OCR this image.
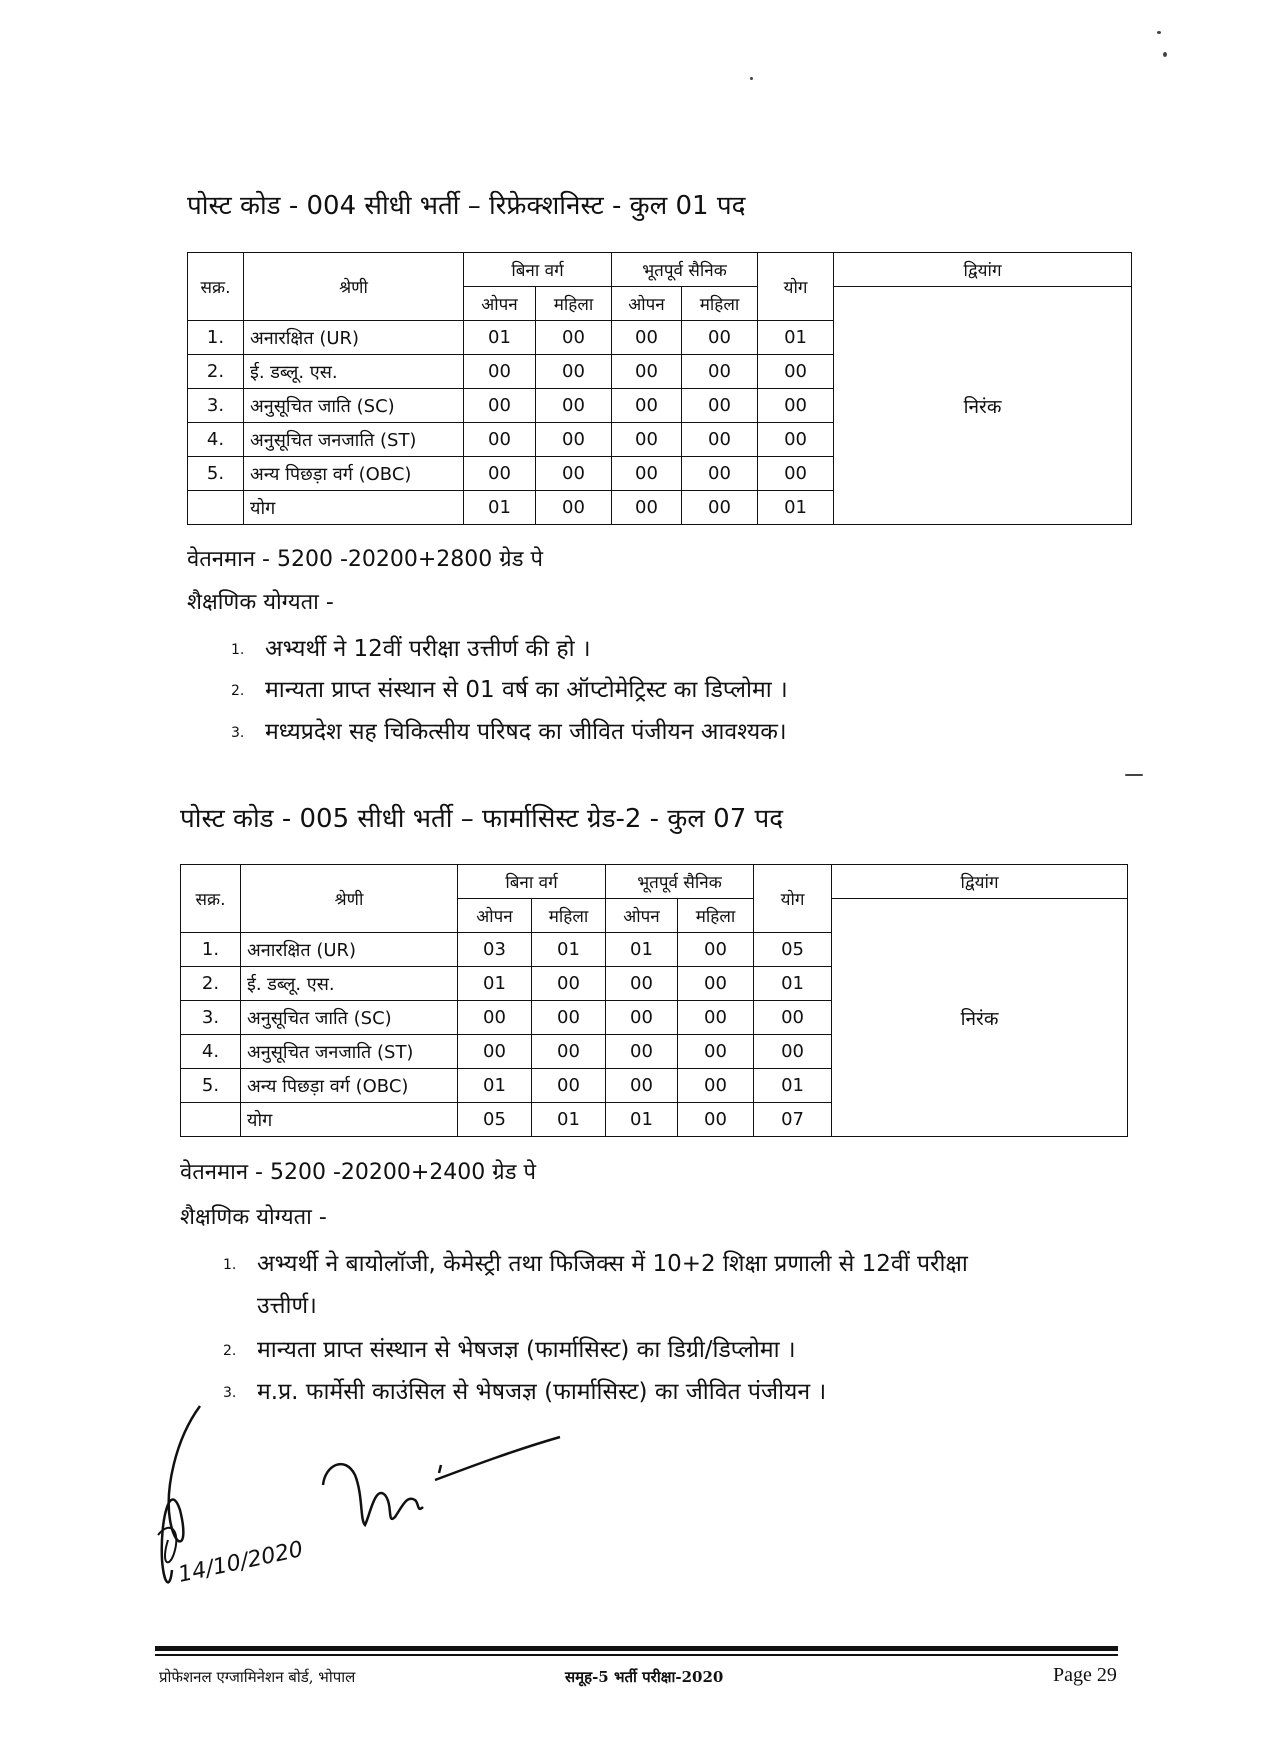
पोस्ट कोड - 004 सीधी भर्ती – रिफ्रेक्शनिस्ट - कुल 01 पद
सक्र.	श्रेणी	बिना वर्ग		भूतपूर्व सैनिक		योग	द्वियांग
		ओपन	महिला	ओपन	महिला		निरंक
1.	अनारक्षित (UR)	01	00	00	00	01	
2.	ई. डब्लू. एस.	00	00	00	00	00	
3.	अनुसूचित जाति (SC)	00	00	00	00	00	
4.	अनुसूचित जनजाति (ST)	00	00	00	00	00	
5.	अन्य पिछड़ा वर्ग (OBC)	00	00	00	00	00	
	योग	01	00	00	00	01	
वेतनमान - 5200 -20200+2800 ग्रेड पे
शैक्षणिक योग्यता -
1. अभ्यर्थी ने 12वीं परीक्षा उत्तीर्ण की हो ।
2. मान्यता प्राप्त संस्थान से 01 वर्ष का ऑप्टोमेट्रिस्ट का डिप्लोमा ।
3. मध्यप्रदेश सह चिकित्सीय परिषद का जीवित पंजीयन आवश्यक।
पोस्ट कोड - 005 सीधी भर्ती – फार्मासिस्ट ग्रेड-2 - कुल 07 पद
सक्र.	श्रेणी	बिना वर्ग		भूतपूर्व सैनिक		योग	द्वियांग
		ओपन	महिला	ओपन	महिला		निरंक
1.	अनारक्षित (UR)	03	01	01	00	05	
2.	ई. डब्लू. एस.	01	00	00	00	01	
3.	अनुसूचित जाति (SC)	00	00	00	00	00	
4.	अनुसूचित जनजाति (ST)	00	00	00	00	00	
5.	अन्य पिछड़ा वर्ग (OBC)	01	00	00	00	01	
	योग	05	01	01	00	07	
वेतनमान - 5200 -20200+2400 ग्रेड पे
शैक्षणिक योग्यता -
1. अभ्यर्थी ने बायोलॉजी, केमेस्ट्री तथा फिजिक्स में 10+2 शिक्षा प्रणाली से 12वीं परीक्षा
उत्तीर्ण।
2. मान्यता प्राप्त संस्थान से भेषजज्ञ (फार्मासिस्ट) का डिग्री/डिप्लोमा ।
3. म.प्र. फार्मेसी काउंसिल से भेषजज्ञ (फार्मासिस्ट) का जीवित पंजीयन ।
14/10/2020
प्रोफेशनल एग्जामिनेशन बोर्ड, भोपाल	समूह-5 भर्ती परीक्षा-2020	Page 29
